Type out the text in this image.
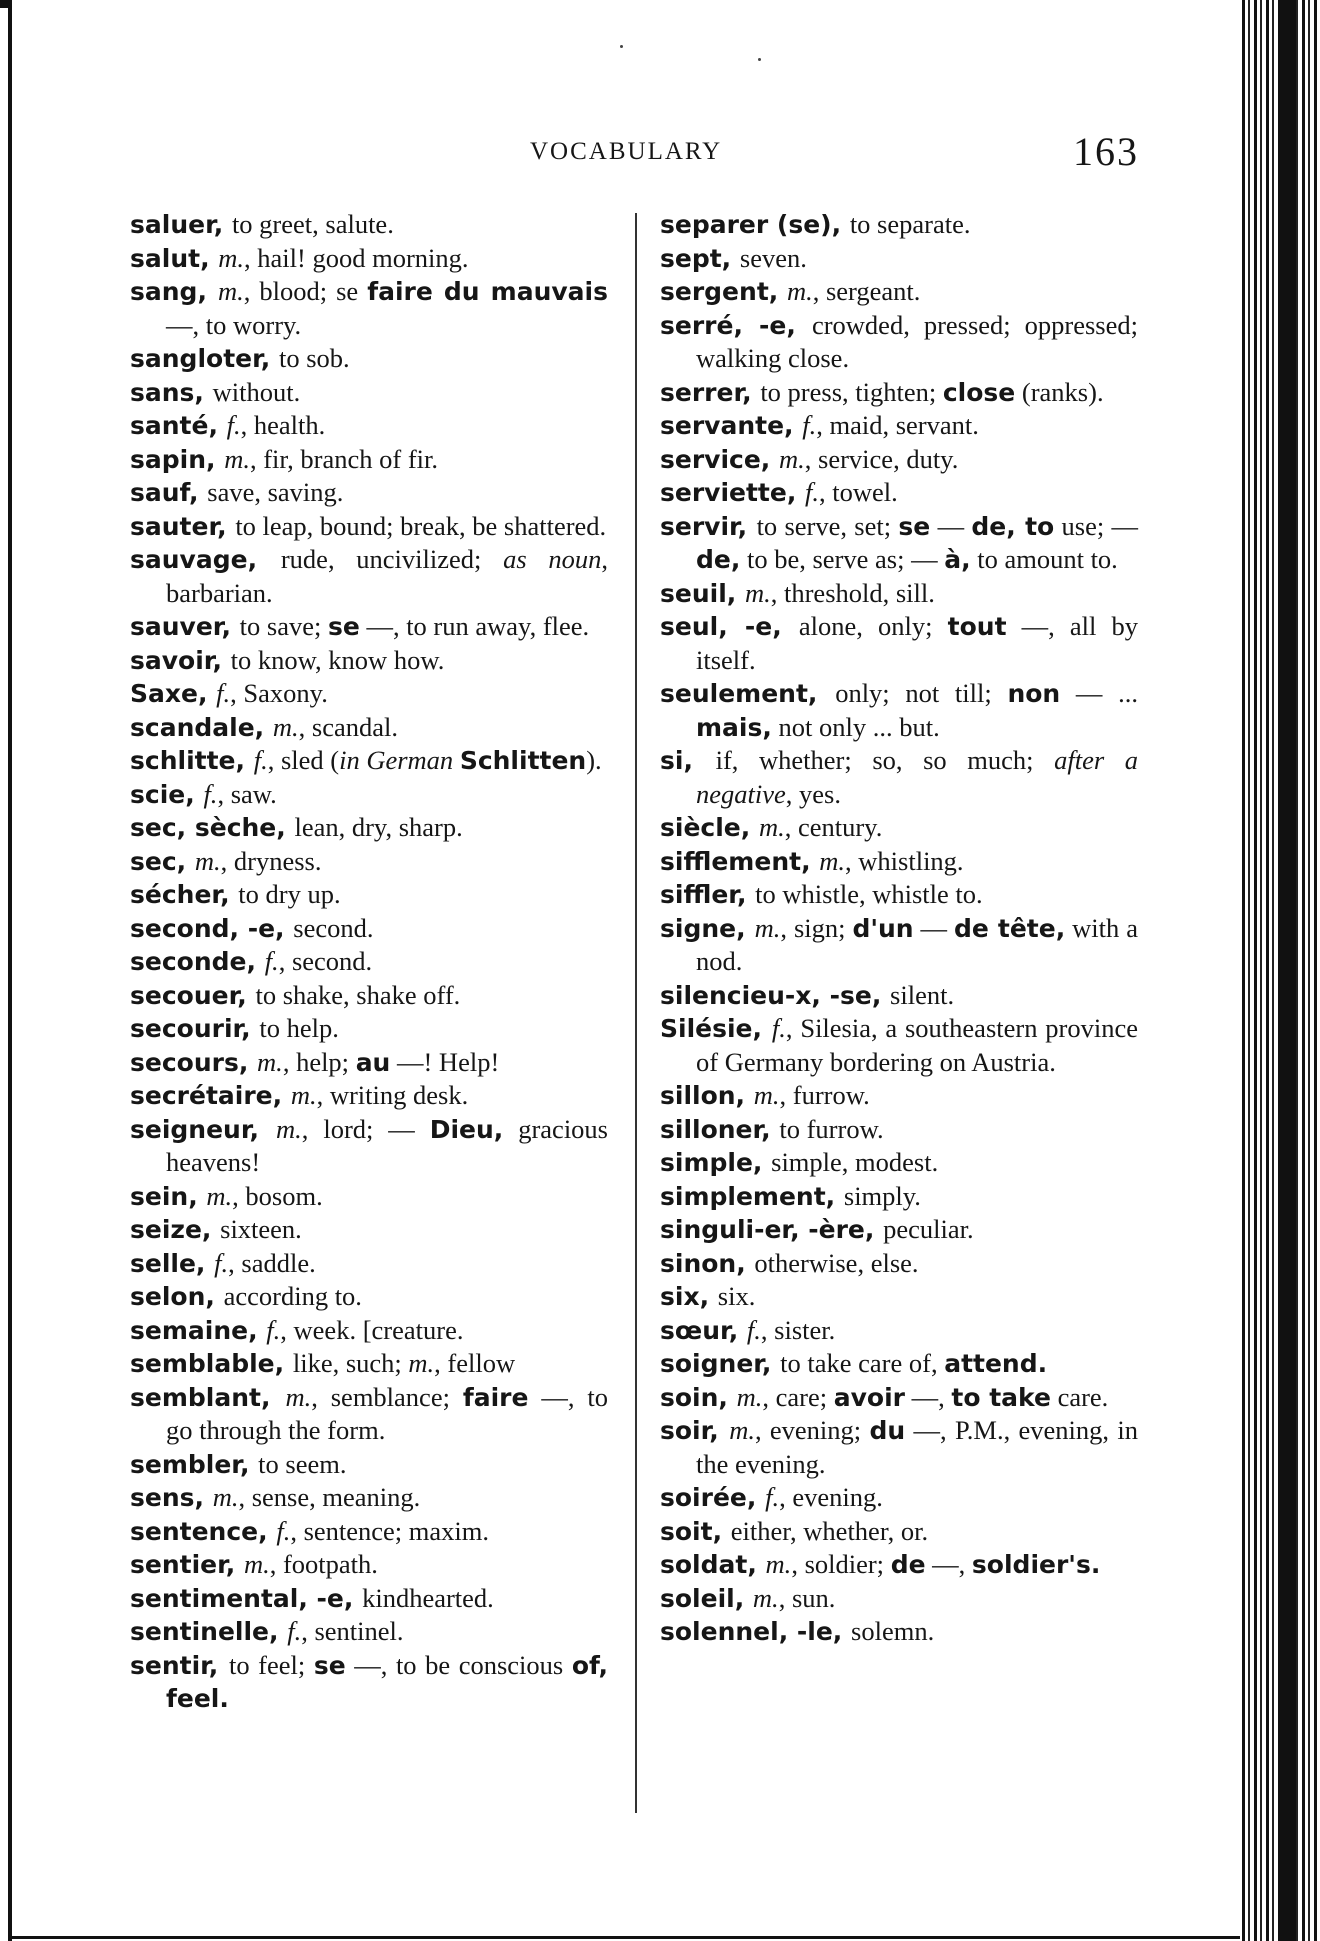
VOCABULARY	163

saluer, to greet, salute.

salut, m., hail! good morning.

sang, m., blood; se faire du mauvais —, to worry.

sangloter, to sob.

sans, without.

santé, f., health.

sapin, m., fir, branch of fir.

sauf, save, saving.

sauter, to leap, bound; break, be shattered.

sauvage, rude, uncivilized; as noun, barbarian.

sauver, to save; se —, to run away, flee.

savoir, to know, know how.

Saxe, f., Saxony.

scandale, m., scandal.

schlitte, f., sled (in German Schlitten).

scie, f., saw.

sec, sèche, lean, dry, sharp.

sec, m., dryness.

sécher, to dry up.

second, -e, second.

seconde, f., second.

secouer, to shake, shake off.

secourir, to help.

secours, m., help; au —! Help!

secrétaire, m., writing desk.

seigneur, m., lord; — Dieu, gracious heavens!

sein, m., bosom.

seize, sixteen.

selle, f., saddle.

selon, according to.

semaine, f., week. [creature.

semblable, like, such; m., fellow

semblant, m., semblance; faire —, to go through the form.

sembler, to seem.

sens, m., sense, meaning.

sentence, f., sentence; maxim.

sentier, m., footpath.

sentimental, -e, kindhearted.

sentinelle, f., sentinel.

sentir, to feel; se —, to be conscious of, feel.

separer (se), to separate.

sept, seven.

sergent, m., sergeant.

serré, -e, crowded, pressed; oppressed; walking close.

serrer, to press, tighten; close (ranks).

servante, f., maid, servant.

service, m., service, duty.

serviette, f., towel.

servir, to serve, set; se — de, to use; — de, to be, serve as; — à, to amount to.

seuil, m., threshold, sill.

seul, -e, alone, only; tout —, all by itself.

seulement, only; not till; non — ... mais, not only ... but.

si, if, whether; so, so much; after a negative, yes.

siècle, m., century.

sifflement, m., whistling.

siffler, to whistle, whistle to.

signe, m., sign; d'un — de tête, with a nod.

silencieu-x, -se, silent.

Silésie, f., Silesia, a southeastern province of Germany bordering on Austria.

sillon, m., furrow.

silloner, to furrow.

simple, simple, modest.

simplement, simply.

singuli-er, -ère, peculiar.

sinon, otherwise, else.

six, six.

sœur, f., sister.

soigner, to take care of, attend.

soin, m., care; avoir —, to take care.

soir, m., evening; du —, P.M., evening, in the evening.

soirée, f., evening.

soit, either, whether, or.

soldat, m., soldier; de —, soldier's.

soleil, m., sun.

solennel, -le, solemn.
